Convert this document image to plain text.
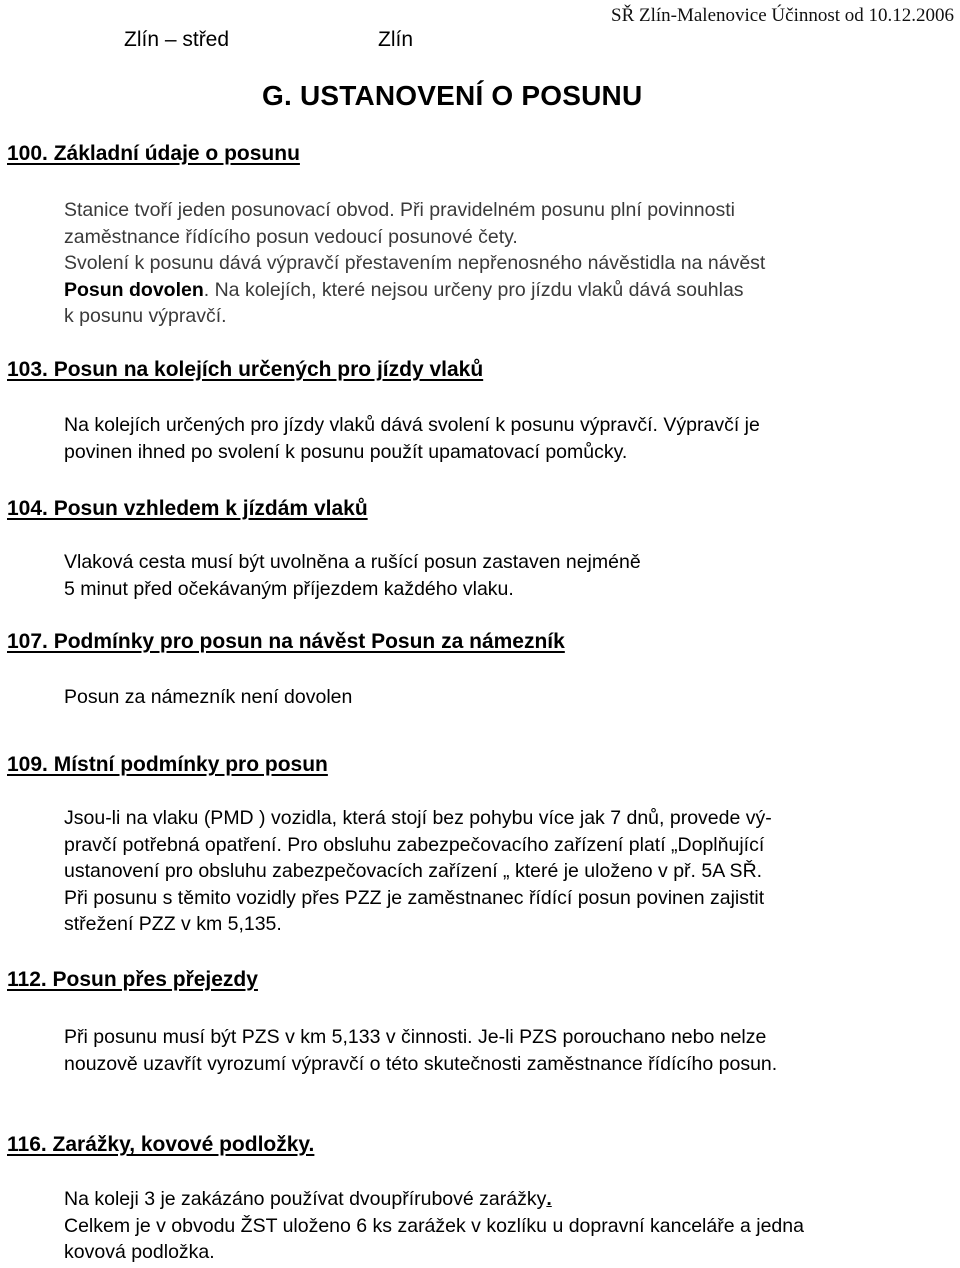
Zlín – střed	Zlín
SŘ Zlín-Malenovice Účinnost od 10.12.2006
G. USTANOVENÍ O POSUNU
100. Základní údaje o posunu
Stanice tvoří jeden posunovací obvod. Při pravidelném posunu plní povinnosti
zaměstnance řídícího posun vedoucí posunové čety.
Svolení k posunu dává výpravčí přestavením nepřenosného návěstidla na návěst
Posun dovolen. Na kolejích, které nejsou určeny pro jízdu vlaků dává souhlas
k posunu výpravčí.
103. Posun na kolejích určených pro jízdy vlaků
Na kolejích určených pro jízdy vlaků dává svolení k posunu výpravčí. Výpravčí je
povinen ihned po svolení k posunu použít upamatovací pomůcky.
104. Posun vzhledem k jízdám vlaků
Vlaková cesta musí být uvolněna a rušící posun zastaven nejméně
5 minut před očekávaným příjezdem každého vlaku.
107. Podmínky pro posun na návěst Posun za námezník
Posun za námezník není dovolen
109. Místní podmínky pro posun
Jsou-li na vlaku (PMD ) vozidla, která stojí bez pohybu více jak 7 dnů, provede vý-
pravčí potřebná opatření. Pro obsluhu zabezpečovacího zařízení platí „Doplňující
ustanovení pro obsluhu zabezpečovacích zařízení „ které je uloženo v př. 5A SŘ.
Při posunu s těmito vozidly přes PZZ je zaměstnanec řídící posun povinen zajistit
střežení PZZ v km 5,135.
112. Posun přes přejezdy
Při posunu musí být PZS v km 5,133 v činnosti. Je-li PZS porouchano nebo nelze
nouzově uzavřít vyrozumí výpravčí o této skutečnosti zaměstnance řídícího posun.
116. Zarážky, kovové podložky.
Na koleji 3 je zakázáno používat dvoupřírubové zarážky.
Celkem je v obvodu ŽST uloženo 6 ks zarážek v kozlíku u dopravní kanceláře a jedna
kovová podložka.
